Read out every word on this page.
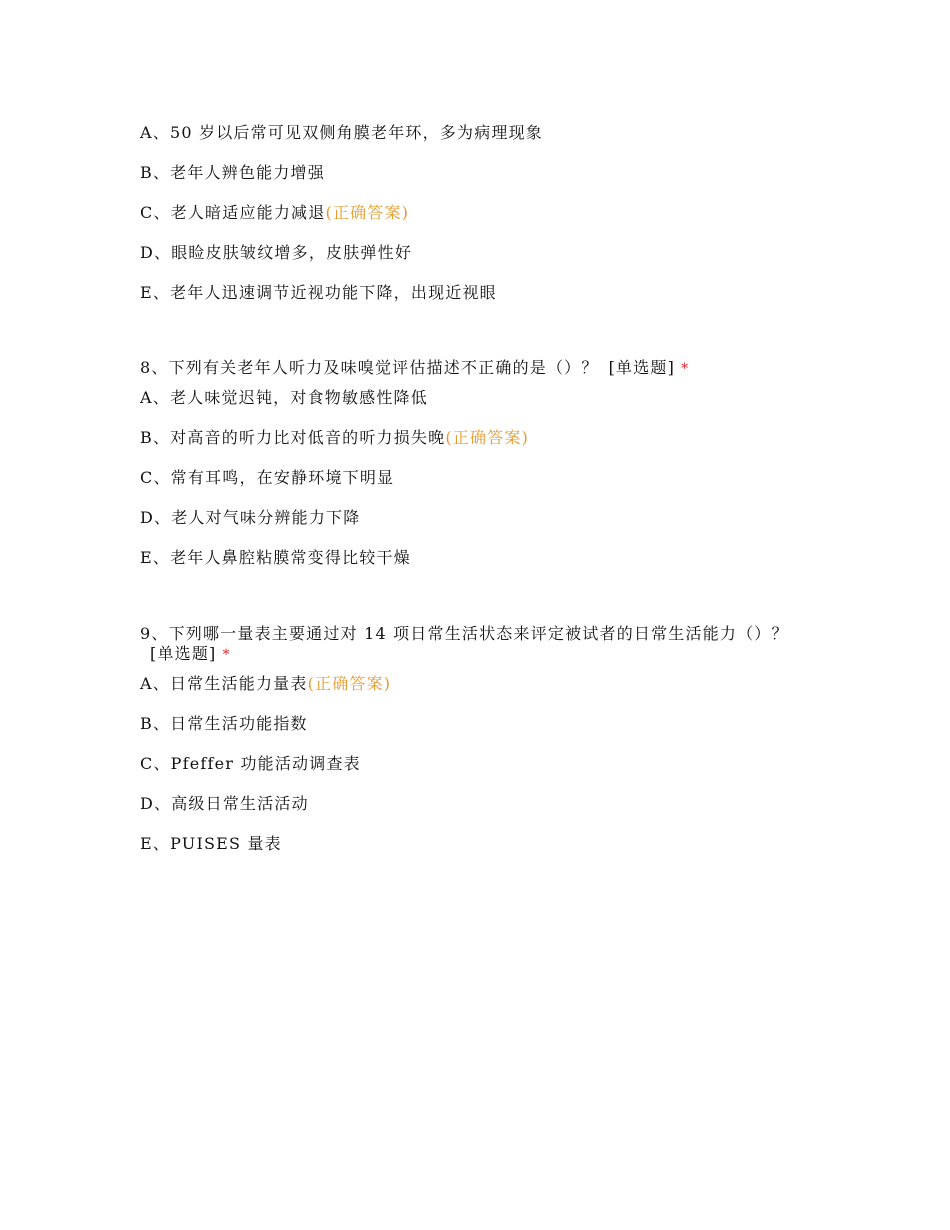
A、50 岁以后常可见双侧角膜老年环，多为病理现象
B、老年人辨色能力增强
C、老人暗适应能力减退(正确答案)
D、眼睑皮肤皱纹增多，皮肤弹性好
E、老年人迅速调节近视功能下降，出现近视眼
8、下列有关老年人听力及味嗅觉评估描述不正确的是（）？ [单选题] *
A、老人味觉迟钝，对食物敏感性降低
B、对高音的听力比对低音的听力损失晚(正确答案)
C、常有耳鸣，在安静环境下明显
D、老人对气味分辨能力下降
E、老年人鼻腔粘膜常变得比较干燥
9、下列哪一量表主要通过对 14 项日常生活状态来评定被试者的日常生活能力（）？
[单选题] *
A、日常生活能力量表(正确答案)
B、日常生活功能指数
C、Pfeffer 功能活动调查表
D、高级日常生活活动
E、PUISES 量表
